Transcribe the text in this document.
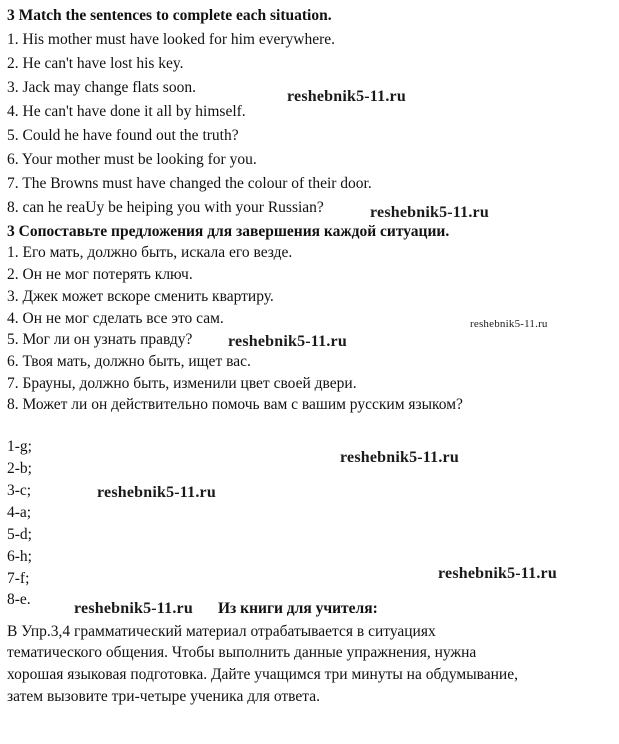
3 Match the sentences to complete each situation.
1. His mother must have looked for him everywhere.
2. He can't have lost his key.
3. Jack may change flats soon.
4. He can't have done it all by himself.
5. Could he have found out the truth?
6. Your mother must be looking for you.
7. The Browns must have changed the colour of their door.
8. can he reaUy be heiping you with your Russian?
3 Сопоставьте предложения для завершения каждой ситуации.
1. Его мать, должно быть, искала его везде.
2. Он не мог потерять ключ.
3. Джек может вскоре сменить квартиру.
4. Он не мог сделать все это сам.
5. Мог ли он узнать правду?
6. Твоя мать, должно быть, ищет вас.
7. Брауны, должно быть, изменили цвет своей двери.
8. Может ли он действительно помочь вам с вашим русским языком?
1-g;
2-b;
3-c;
4-a;
5-d;
6-h;
7-f;
8-e.
Из книги для учителя:
В Упр.3,4 грамматический материал отрабатывается в ситуациях
тематического общения. Чтобы выполнить данные упражнения, нужна
хорошая языковая подготовка. Дайте учащимся три минуты на обдумывание,
затем вызовите три-четыре ученика для ответа.
reshebnik5-11.ru
reshebnik5-11.ru
reshebnik5-11.ru
reshebnik5-11.ru
reshebnik5-11.ru
reshebnik5-11.ru
reshebnik5-11.ru
reshebnik5-11.ru
